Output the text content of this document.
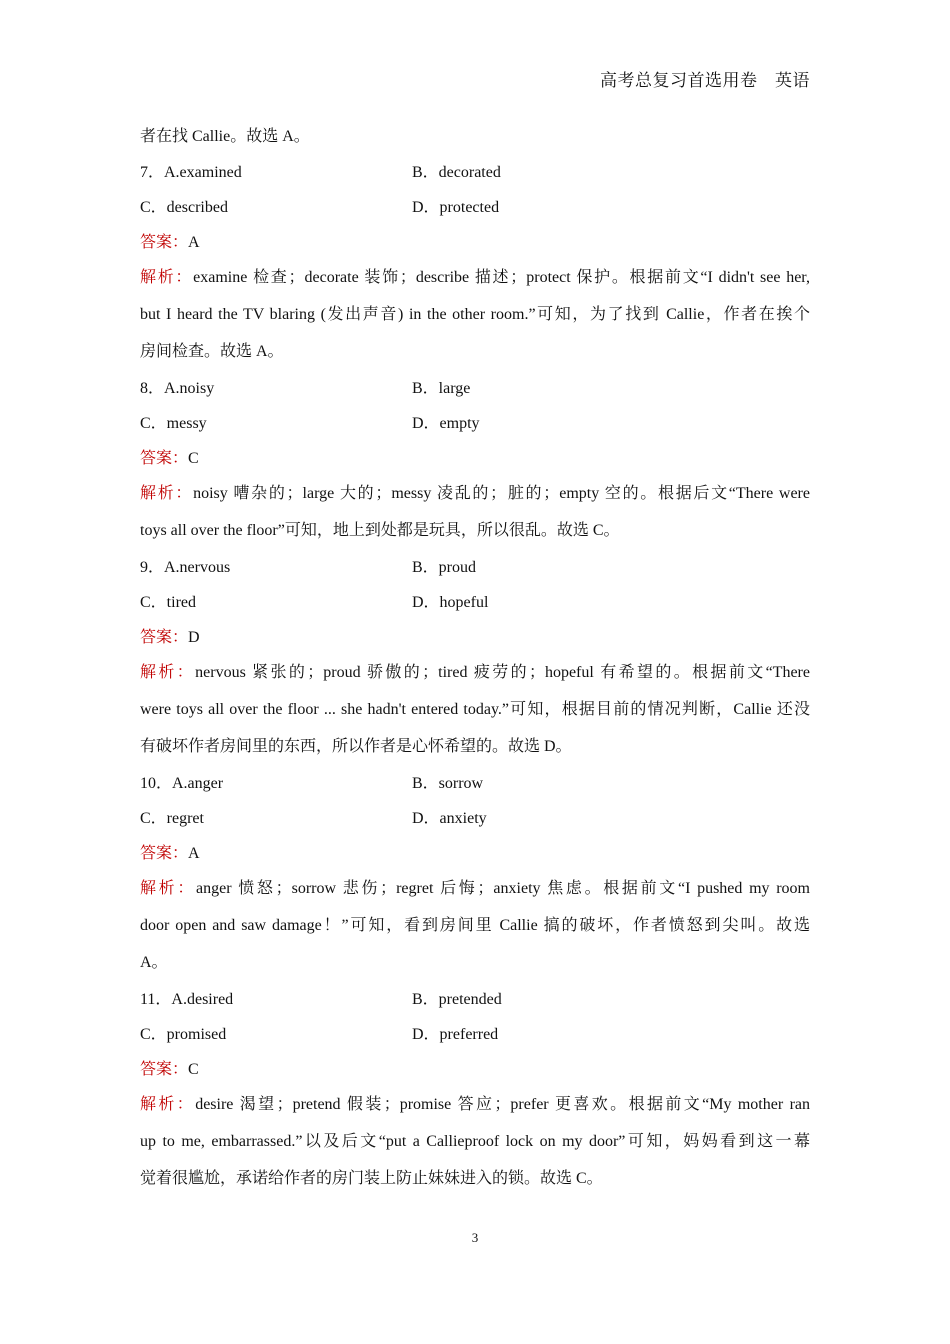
高考总复习首选用卷　英语
者在找 Callie。故选 A。
7．A.examined	B．decorated
C．described	D．protected
答案：A
解析：examine 检查；decorate 装饰；describe 描述；protect 保护。根据前文“I didn't see her,
but I heard the TV blaring (发出声音) in the other room.”可知，为了找到 Callie，作者在挨个
房间检查。故选 A。
8．A.noisy	B．large
C．messy	D．empty
答案：C
解析：noisy 嘈杂的；large 大的；messy 凌乱的；脏的；empty 空的。根据后文“There were
toys all over the floor”可知，地上到处都是玩具，所以很乱。故选 C。
9．A.nervous	B．proud
C．tired	D．hopeful
答案：D
解析：nervous 紧张的；proud 骄傲的；tired 疲劳的；hopeful 有希望的。根据前文“There
were toys all over the floor ... she hadn't entered today.”可知，根据目前的情况判断，Callie 还没
有破坏作者房间里的东西，所以作者是心怀希望的。故选 D。
10．A.anger	B．sorrow
C．regret	D．anxiety
答案：A
解析：anger 愤怒；sorrow 悲伤；regret 后悔；anxiety 焦虑。根据前文“I pushed my room
door open and saw damage！”可知，看到房间里 Callie 搞的破坏，作者愤怒到尖叫。故选
A。
11．A.desired	B．pretended
C．promised	D．preferred
答案：C
解析：desire 渴望；pretend 假装；promise 答应；prefer 更喜欢。根据前文“My mother ran
up to me, embarrassed.”以及后文“put a Callieproof lock on my door”可知，妈妈看到这一幕
觉着很尴尬，承诺给作者的房门装上防止妹妹进入的锁。故选 C。
3
